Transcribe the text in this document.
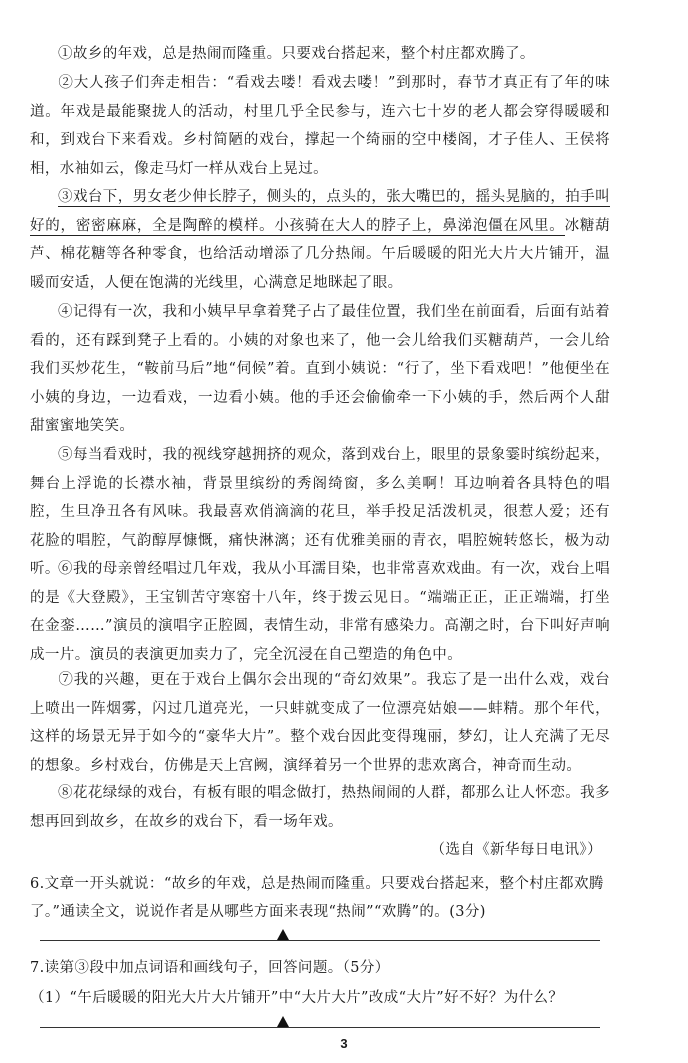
①故乡的年戏，总是热闹而隆重。只要戏台搭起来，整个村庄都欢腾了。

②大人孩子们奔走相告：“看戏去喽！看戏去喽！”到那时，春节才真正有了年的味道。年戏是最能聚拢人的活动，村里几乎全民参与，连六七十岁的老人都会穿得暖暖和和，到戏台下来看戏。乡村简陋的戏台，撑起一个绮丽的空中楼阁，才子佳人、王侯将相，水袖如云，像走马灯一样从戏台上晃过。

③戏台下，男女老少伸长脖子，侧头的，点头的，张大嘴巴的，摇头晃脑的，拍手叫好的，密密麻麻，全是陶醉的模样。小孩骑在大人的脖子上，鼻涕泡僵在风里。冰糖葫芦、棉花糖等各种零食，也给活动增添了几分热闹。午后暖暖的阳光大片大片铺开，温暖而安适，人便在饱满的光线里，心满意足地眯起了眼。

④记得有一次，我和小姨早早拿着凳子占了最佳位置，我们坐在前面看，后面有站着看的，还有踩到凳子上看的。小姨的对象也来了，他一会儿给我们买糖葫芦，一会儿给我们买炒花生，“鞍前马后”地“伺候”着。直到小姨说：“行了，坐下看戏吧！”他便坐在小姨的身边，一边看戏，一边看小姨。他的手还会偷偷牵一下小姨的手，然后两个人甜甜蜜蜜地笑笑。

⑤每当看戏时，我的视线穿越拥挤的观众，落到戏台上，眼里的景象霎时缤纷起来，舞台上浮诡的长襟水袖，背景里缤纷的秀阁绮窗，多么美啊！耳边响着各具特色的唱腔，生旦净丑各有风味。我最喜欢俏滴滴的花旦，举手投足活泼机灵，很惹人爱；还有花脸的唱腔，气韵醇厚慷慨，痛快淋漓；还有优雅美丽的青衣，唱腔婉转悠长，极为动听。

⑥我的母亲曾经唱过几年戏，我从小耳濡目染，也非常喜欢戏曲。有一次，戏台上唱的是《大登殿》，王宝钏苦守寒窑十八年，终于拨云见日。“端端正正，正正端端，打坐在金銮……”演员的演唱字正腔圆，表情生动，非常有感染力。高潮之时，台下叫好声响成一片。演员的表演更加卖力了，完全沉浸在自己塑造的角色中。

⑦我的兴趣，更在于戏台上偶尔会出现的“奇幻效果”。我忘了是一出什么戏，戏台上喷出一阵烟雾，闪过几道亮光，一只蚌就变成了一位漂亮姑娘——蚌精。那个年代，这样的场景无异于如今的“豪华大片”。整个戏台因此变得瑰丽，梦幻，让人充满了无尽的想象。乡村戏台，仿佛是天上宫阙，演绎着另一个世界的悲欢离合，神奇而生动。

⑧花花绿绿的戏台，有板有眼的唱念做打，热热闹闹的人群，都那么让人怀恋。我多想再回到故乡，在故乡的戏台下，看一场年戏。

（选自《新华每日电讯》）

6.文章一开头就说：“故乡的年戏，总是热闹而隆重。只要戏台搭起来，整个村庄都欢腾了。”通读全文，说说作者是从哪些方面来表现“热闹”“欢腾”的。(3分)

7.读第③段中加点词语和画线句子，回答问题。（5分）

（1）“午后暖暖的阳光大片大片铺开”中“大片大片”改成“大片”好不好？为什么？

3
